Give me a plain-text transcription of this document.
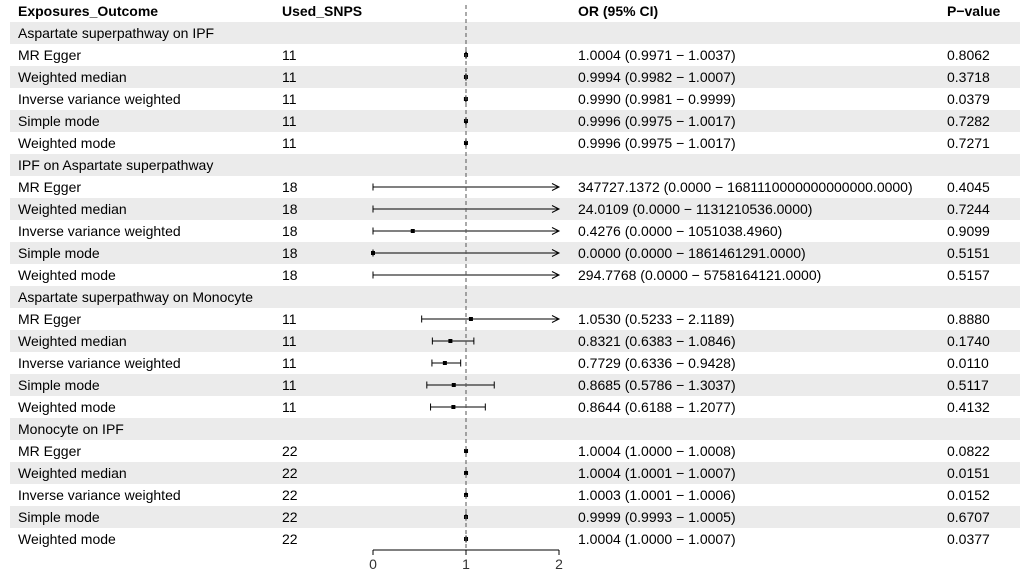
Exposures_Outcome	Used_SNPS	OR (95% CI)	P−value
Aspartate superpathway on IPF
MR Egger	11	1.0004 (0.9971 − 1.0037)	0.8062
Weighted median	11	0.9994 (0.9982 − 1.0007)	0.3718
Inverse variance weighted	11	0.9990 (0.9981 − 0.9999)	0.0379
Simple mode	11	0.9996 (0.9975 − 1.0017)	0.7282
Weighted mode	11	0.9996 (0.9975 − 1.0017)	0.7271
IPF on Aspartate superpathway
MR Egger	18	347727.1372 (0.0000 − 1681110000000000000.0000) 0.4045
Weighted median	18	24.0109 (0.0000 − 1131210536.0000)	0.7244
Inverse variance weighted	18	0.4276 (0.0000 − 1051038.4960)	0.9099
Simple mode	18	0.0000 (0.0000 − 1861461291.0000)	0.5151
Weighted mode	18	294.7768 (0.0000 − 5758164121.0000)	0.5157
Aspartate superpathway on Monocyte
MR Egger	11	1.0530 (0.5233 − 2.1189)	0.8880
Weighted median	11	0.8321 (0.6383 − 1.0846)	0.1740
Inverse variance weighted	11	0.7729 (0.6336 − 0.9428)	0.0110
Simple mode	11	0.8685 (0.5786 − 1.3037)	0.5117
Weighted mode	11	0.8644 (0.6188 − 1.2077)	0.4132
Monocyte on IPF
MR Egger	22	1.0004 (1.0000 − 1.0008)	0.0822
Weighted median	22	1.0004 (1.0001 − 1.0007)	0.0151
Inverse variance weighted	22	1.0003 (1.0001 − 1.0006)	0.0152
Simple mode	22	0.9999 (0.9993 − 1.0005)	0.6707
Weighted mode	22	1.0004 (1.0000 − 1.0007)	0.0377
0	1	2
